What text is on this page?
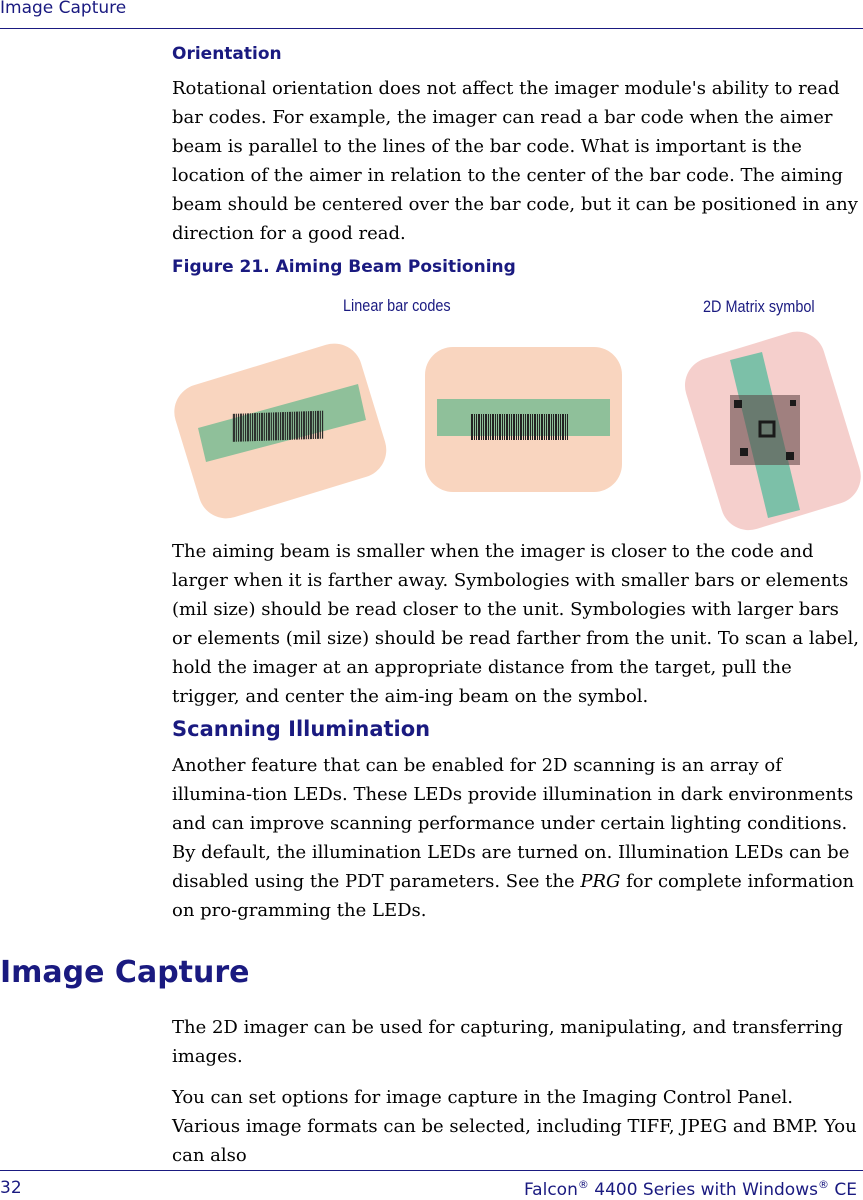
Image Capture
Orientation

Rotational orientation does not affect the imager module's ability to read bar codes. For example, the imager can read a bar code when the aimer beam is parallel to the lines of the bar code. What is important is the location of the aimer in relation to the center of the bar code. The aiming beam should be centered over the bar code, but it can be positioned in any direction for a good read.

Figure 21. Aiming Beam Positioning
Linear bar codes	2D Matrix symbol

The aiming beam is smaller when the imager is closer to the code and larger when it is farther away. Symbologies with smaller bars or elements (mil size) should be read closer to the unit. Symbologies with larger bars or elements (mil size) should be read farther from the unit. To scan a label, hold the imager at an appropriate distance from the target, pull the trigger, and center the aim-ing beam on the symbol.

Scanning Illumination

Another feature that can be enabled for 2D scanning is an array of illumina-tion LEDs. These LEDs provide illumination in dark environments and can improve scanning performance under certain lighting conditions. By default, the illumination LEDs are turned on. Illumination LEDs can be disabled using the PDT parameters. See the PRG for complete information on pro-gramming the LEDs.

Image Capture

The 2D imager can be used for capturing, manipulating, and transferring images.

You can set options for image capture in the Imaging Control Panel. Various image formats can be selected, including TIFF, JPEG and BMP. You can also

32	Falcon® 4400 Series with Windows® CE
